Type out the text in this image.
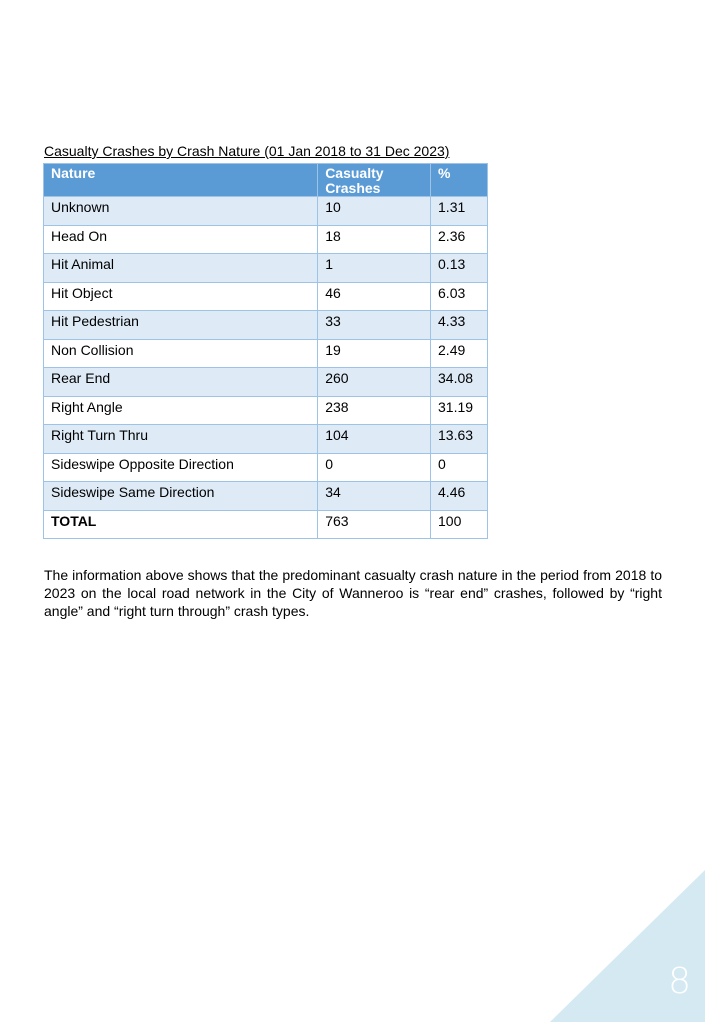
Casualty Crashes by Crash Nature (01 Jan 2018 to 31 Dec 2023)
Nature	Casualty Crashes	%
Unknown	10	1.31
Head On	18	2.36
Hit Animal	1	0.13
Hit Object	46	6.03
Hit Pedestrian	33	4.33
Non Collision	19	2.49
Rear End	260	34.08
Right Angle	238	31.19
Right Turn Thru	104	13.63
Sideswipe Opposite Direction	0	0
Sideswipe Same Direction	34	4.46
TOTAL	763	100

The information above shows that the predominant casualty crash nature in the period from 2018 to 2023 on the local road network in the City of Wanneroo is “rear end” crashes, followed by “right angle” and “right turn through” crash types.

8
